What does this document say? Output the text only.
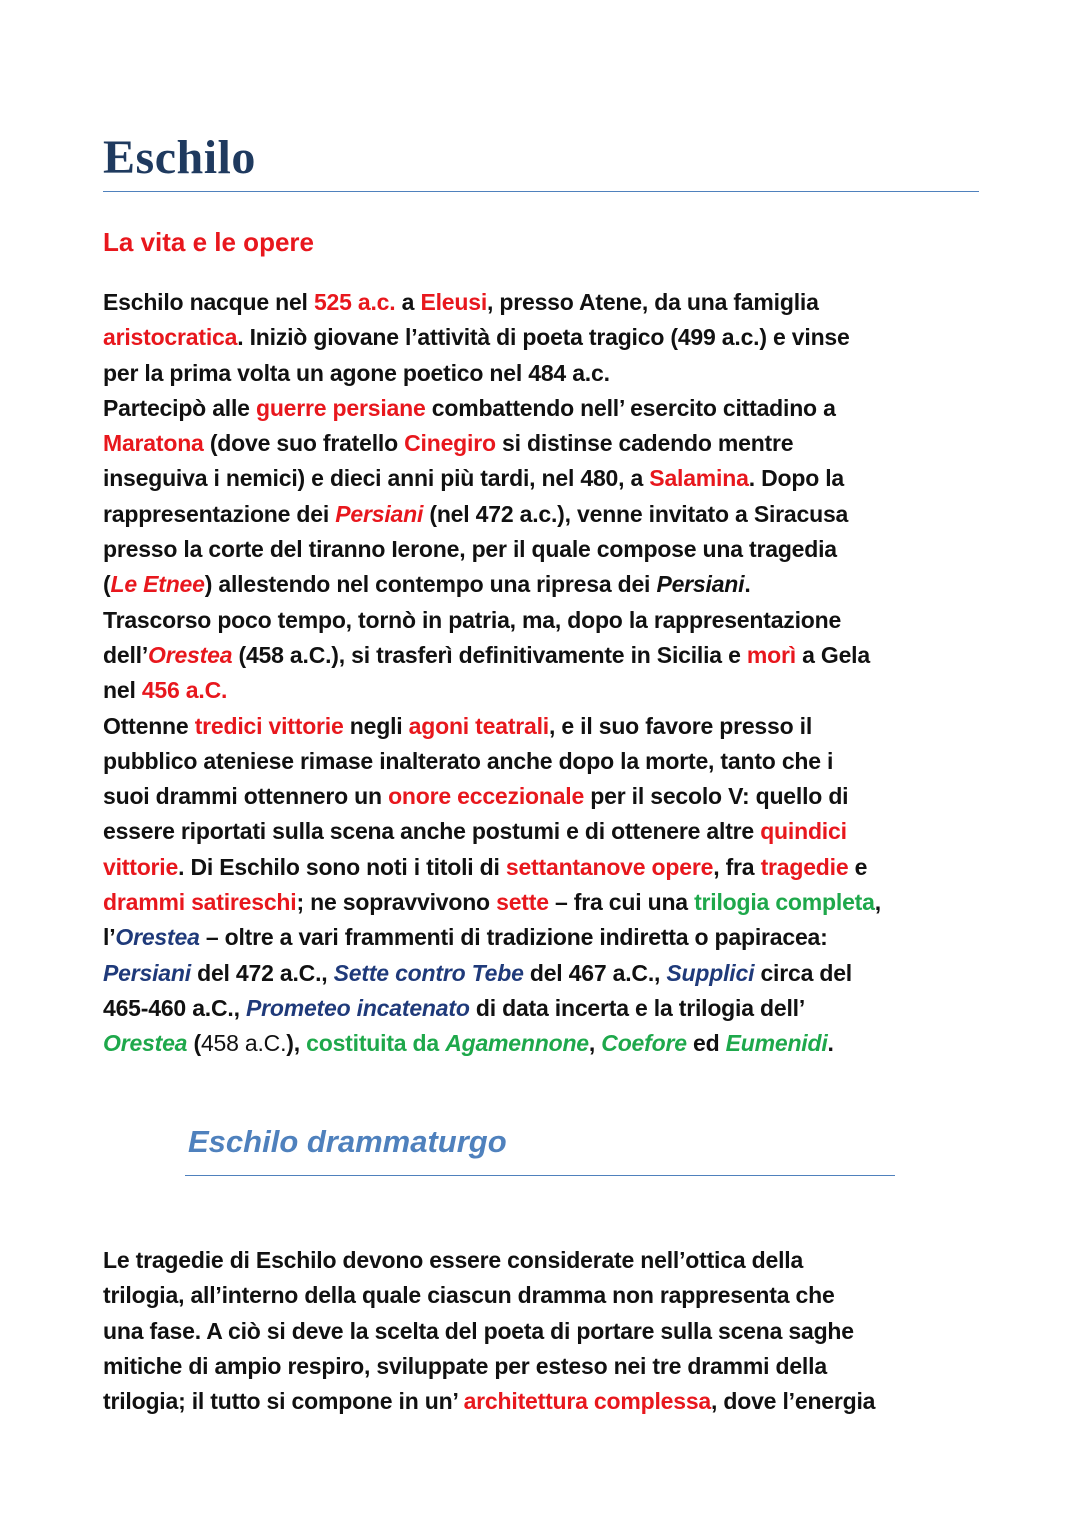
Eschilo
La vita e le opere
Eschilo nacque nel 525 a.c. a Eleusi, presso Atene, da una famiglia
aristocratica. Iniziò giovane l’attività di poeta tragico (499 a.c.) e vinse
per la prima volta un agone poetico nel 484 a.c.
Partecipò alle guerre persiane combattendo nell’ esercito cittadino a
Maratona (dove suo fratello Cinegiro si distinse cadendo mentre
inseguiva i nemici) e dieci anni più tardi, nel 480, a Salamina. Dopo la
rappresentazione dei Persiani (nel 472 a.c.), venne invitato a Siracusa
presso la corte del tiranno Ierone, per il quale compose una tragedia
(Le Etnee) allestendo nel contempo una ripresa dei Persiani.
Trascorso poco tempo, tornò in patria, ma, dopo la rappresentazione
dell’Orestea (458 a.C.), si trasferì definitivamente in Sicilia e morì a Gela
nel 456 a.C.
Ottenne tredici vittorie negli agoni teatrali, e il suo favore presso il
pubblico ateniese rimase inalterato anche dopo la morte, tanto che i
suoi drammi ottennero un onore eccezionale per il secolo V: quello di
essere riportati sulla scena anche postumi e di ottenere altre quindici
vittorie. Di Eschilo sono noti i titoli di settantanove opere, fra tragedie e
drammi satireschi; ne sopravvivono sette – fra cui una trilogia completa,
l’Orestea – oltre a vari frammenti di tradizione indiretta o papiracea:
Persiani del 472 a.C., Sette contro Tebe del 467 a.C., Supplici circa del
465-460 a.C., Prometeo incatenato di data incerta e la trilogia dell’
Orestea (458 a.C.), costituita da Agamennone, Coefore ed Eumenidi.
Eschilo drammaturgo
Le tragedie di Eschilo devono essere considerate nell’ottica della
trilogia, all’interno della quale ciascun dramma non rappresenta che
una fase. A ciò si deve la scelta del poeta di portare sulla scena saghe
mitiche di ampio respiro, sviluppate per esteso nei tre drammi della
trilogia; il tutto si compone in un’ architettura complessa, dove l’energia
